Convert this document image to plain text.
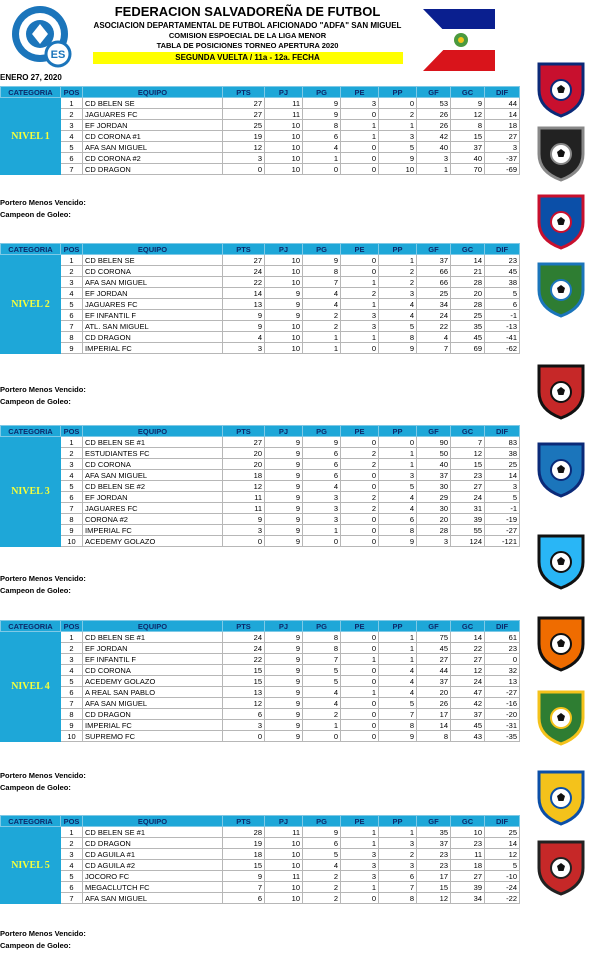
ES
FEDERACION SALVADOREÑA DE FUTBOL
ASOCIACION DEPARTAMENTAL DE FUTBOL AFICIONADO "ADFA" SAN MIGUEL
COMISION ESPOECIAL DE LA LIGA MENOR
TABLA DE POSICIONES TORNEO APERTURA 2020
SEGUNDA VUELTA / 11a - 12a. FECHA
ENERO 27, 2020
CATEGORIA	POS	EQUIPO	PTS	PJ	PG	PE	PP	GF	GC	DIF
NIVEL 1	1	CD BELEN SE	27	11	9	3	0	53	9	44
	2	JAGUARES FC	27	11	9	0	2	26	12	14
	3	EF JORDAN	25	10	8	1	1	26	8	18
	4	CD CORONA #1	19	10	6	1	3	42	15	27
	5	AFA SAN MIGUEL	12	10	4	0	5	40	37	3
	6	CD CORONA #2	3	10	1	0	9	3	40	-37
	7	CD DRAGON	0	10	0	0	10	1	70	-69
Portero Menos Vencido:
Campeon de Goleo:
CATEGORIA	POS	EQUIPO	PTS	PJ	PG	PE	PP	GF	GC	DIF
NIVEL 2	1	CD BELEN SE	27	10	9	0	1	37	14	23
	2	CD CORONA	24	10	8	0	2	66	21	45
	3	AFA SAN MIGUEL	22	10	7	1	2	66	28	38
	4	EF JORDAN	14	9	4	2	3	25	20	5
	5	JAGUARES FC	13	9	4	1	4	34	28	6
	6	EF INFANTIL F	9	9	2	3	4	24	25	-1
	7	ATL. SAN MIGUEL	9	10	2	3	5	22	35	-13
	8	CD DRAGON	4	10	1	1	8	4	45	-41
	9	IMPERIAL FC	3	10	1	0	9	7	69	-62
Portero Menos Vencido:
Campeon de Goleo:
CATEGORIA	POS	EQUIPO	PTS	PJ	PG	PE	PP	GF	GC	DIF
NIVEL 3	1	CD BELEN SE #1	27	9	9	0	0	90	7	83
	2	ESTUDIANTES FC	20	9	6	2	1	50	12	38
	3	CD CORONA	20	9	6	2	1	40	15	25
	4	AFA SAN MIGUEL	18	9	6	0	3	37	23	14
	5	CD BELEN SE #2	12	9	4	0	5	30	27	3
	6	EF JORDAN	11	9	3	2	4	29	24	5
	7	JAGUARES FC	11	9	3	2	4	30	31	-1
	8	CORONA #2	9	9	3	0	6	20	39	-19
	9	IMPERIAL FC	3	9	1	0	8	28	55	-27
	10	ACEDEMY GOLAZO	0	9	0	0	9	3	124	-121
Portero Menos Vencido:
Campeon de Goleo:
CATEGORIA	POS	EQUIPO	PTS	PJ	PG	PE	PP	GF	GC	DIF
NIVEL 4	1	CD BELEN SE #1	24	9	8	0	1	75	14	61
	2	EF JORDAN	24	9	8	0	1	45	22	23
	3	EF INFANTIL F	22	9	7	1	1	27	27	0
	4	CD CORONA	15	9	5	0	4	44	12	32
	5	ACEDEMY GOLAZO	15	9	5	0	4	37	24	13
	6	A REAL SAN PABLO	13	9	4	1	4	20	47	-27
	7	AFA SAN MIGUEL	12	9	4	0	5	26	42	-16
	8	CD DRAGON	6	9	2	0	7	17	37	-20
	9	IMPERIAL FC	3	9	1	0	8	14	45	-31
	10	SUPREMO FC	0	9	0	0	9	8	43	-35
Portero Menos Vencido:
Campeon de Goleo:
CATEGORIA	POS	EQUIPO	PTS	PJ	PG	PE	PP	GF	GC	DIF
NIVEL 5	1	CD BELEN SE #1	28	11	9	1	1	35	10	25
	2	CD DRAGON	19	10	6	1	3	37	23	14
	3	CD AGUILA #1	18	10	5	3	2	23	11	12
	4	CD AGUILA #2	15	10	4	3	3	23	18	5
	5	JOCORO FC	9	11	2	3	6	17	27	-10
	6	MEGACLUTCH FC	7	10	2	1	7	15	39	-24
	7	AFA SAN MIGUEL	6	10	2	0	8	12	34	-22
Portero Menos Vencido:
Campeon de Goleo:
